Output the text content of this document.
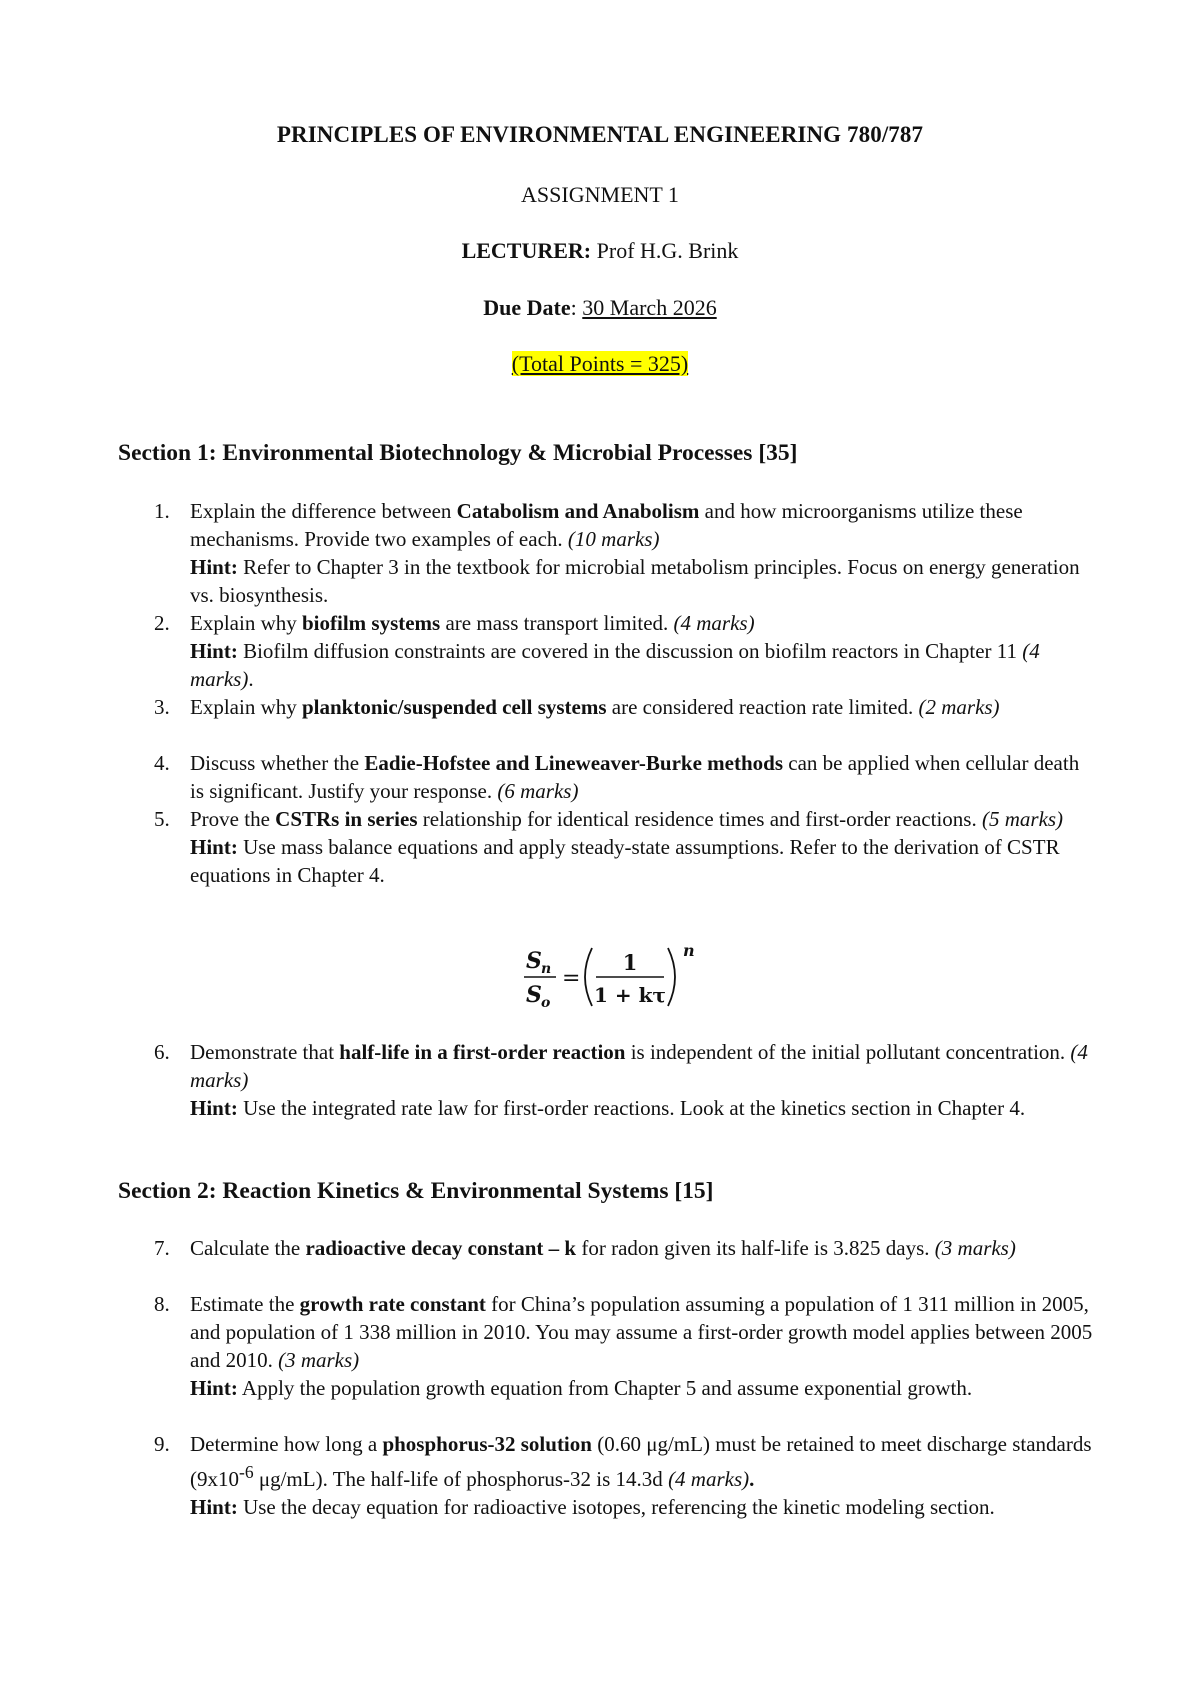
PRINCIPLES OF ENVIRONMENTAL ENGINEERING 780/787
ASSIGNMENT 1
LECTURER: Prof H.G. Brink
Due Date: 30 March 2026
(Total Points = 325)
Section 1: Environmental Biotechnology & Microbial Processes [35]
1. Explain the difference between Catabolism and Anabolism and how microorganisms utilize these mechanisms. Provide two examples of each. (10 marks)
Hint: Refer to Chapter 3 in the textbook for microbial metabolism principles. Focus on energy generation vs. biosynthesis.
2. Explain why biofilm systems are mass transport limited. (4 marks)
Hint: Biofilm diffusion constraints are covered in the discussion on biofilm reactors in Chapter 11 (4 marks).
3. Explain why planktonic/suspended cell systems are considered reaction rate limited. (2 marks)
4. Discuss whether the Eadie-Hofstee and Lineweaver-Burke methods can be applied when cellular death is significant. Justify your response. (6 marks)
5. Prove the CSTRs in series relationship for identical residence times and first-order reactions. (5 marks)
Hint: Use mass balance equations and apply steady-state assumptions. Refer to the derivation of CSTR equations in Chapter 4.
S n
S o
=
1
1 + kτ
n
6. Demonstrate that half-life in a first-order reaction is independent of the initial pollutant concentration. (4 marks)
Hint: Use the integrated rate law for first-order reactions. Look at the kinetics section in Chapter 4.
Section 2: Reaction Kinetics & Environmental Systems [15]
7. Calculate the radioactive decay constant – k for radon given its half-life is 3.825 days. (3 marks)
8. Estimate the growth rate constant for China’s population assuming a population of 1 311 million in 2005, and population of 1 338 million in 2010. You may assume a first-order growth model applies between 2005 and 2010. (3 marks)
Hint: Apply the population growth equation from Chapter 5 and assume exponential growth.
9. Determine how long a phosphorus-32 solution (0.60 μg/mL) must be retained to meet discharge standards ($9x10^{-6}$ μg/mL). The half-life of phosphorus-32 is 14.3d (4 marks).
Hint: Use the decay equation for radioactive isotopes, referencing the kinetic modeling section.
